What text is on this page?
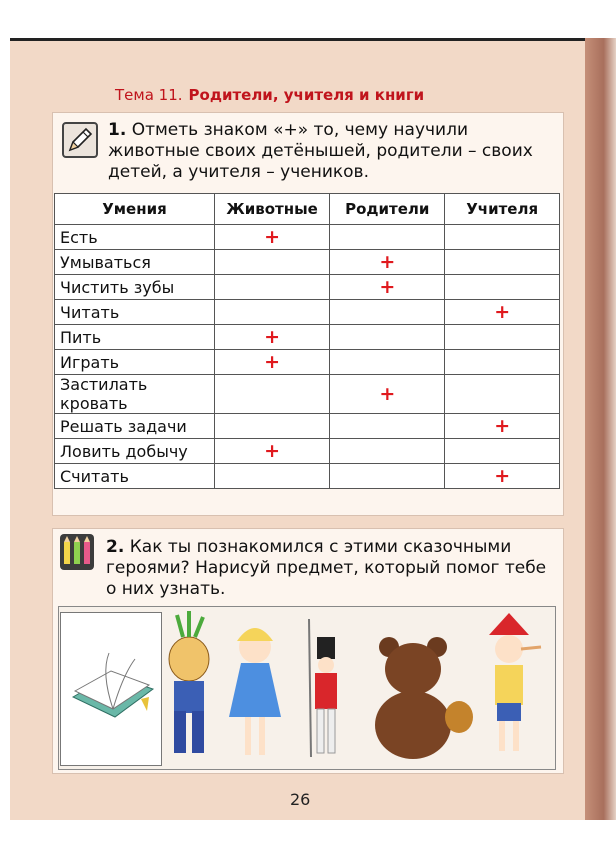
Тема 11. Родители, учителя и книги
1. Отметь знаком «+» то, чему научили животные своих детёнышей, родители – своих детей, а учителя – учеников.
Умения	Животные	Родители	Учителя
Есть	+		
Умываться		+	
Чистить зубы		+	
Читать			+
Пить	+		
Играть	+		
Застилать кровать		+	
Решать задачи			+
Ловить добычу	+		
Считать			+
2. Как ты познакомился с этими сказочными героями? Нарисуй предмет, который помог тебе о них узнать.
26
